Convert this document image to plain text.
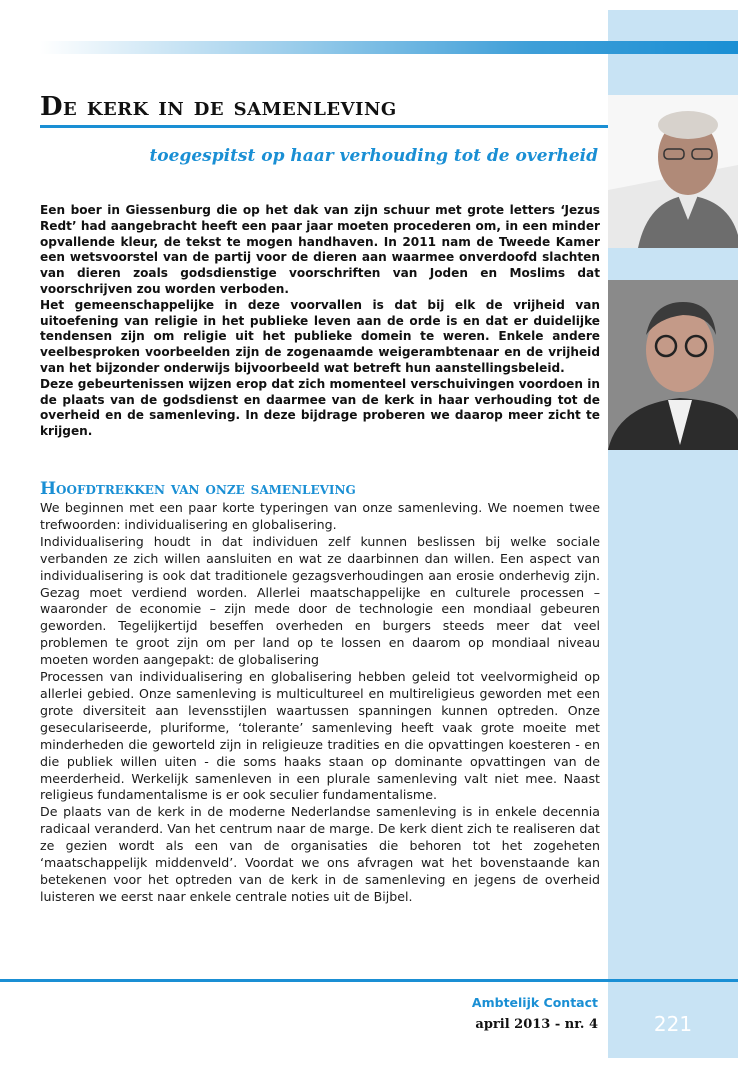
De kerk in de samenleving
toegespitst op haar verhouding tot de overheid

Een boer in Giessenburg die op het dak van zijn schuur met grote letters ‘Jezus Redt’ had aangebracht heeft een paar jaar moeten procederen om, in een minder opvallende kleur, de tekst te mogen handhaven. In 2011 nam de Tweede Kamer een wetsvoorstel van de partij voor de dieren aan waarmee onverdoofd slachten van dieren zoals godsdienstige voorschriften van Joden en Moslims dat voorschrijven zou worden verboden.

Het gemeenschappelijke in deze voorvallen is dat bij elk de vrijheid van uitoefening van religie in het publieke leven aan de orde is en dat er duidelijke tendensen zijn om religie uit het publieke domein te weren. Enkele andere veelbesproken voorbeelden zijn de zogenaamde weigerambtenaar en de vrijheid van het bijzonder onderwijs bijvoorbeeld wat betreft hun aanstellingsbeleid.

Deze gebeurtenissen wijzen erop dat zich momenteel verschuivingen voordoen in de plaats van de godsdienst en daarmee van de kerk in haar verhouding tot de overheid en de samenleving. In deze bijdrage proberen we daarop meer zicht te krijgen.

Hoofdtrekken van onze samenleving

We beginnen met een paar korte typeringen van onze samenleving. We noemen twee trefwoorden: individualisering en globalisering.

Individualisering houdt in dat individuen zelf kunnen beslissen bij welke sociale verbanden ze zich willen aansluiten en wat ze daarbinnen dan willen. Een aspect van individualisering is ook dat traditionele gezagsverhoudingen aan erosie onderhevig zijn. Gezag moet verdiend worden. Allerlei maatschappelijke en culturele processen – waaronder de economie – zijn mede door de technologie een mondiaal gebeuren geworden. Tegelijkertijd beseffen overheden en burgers steeds meer dat veel problemen te groot zijn om per land op te lossen en daarom op mondiaal niveau moeten worden aangepakt: de globalisering

Processen van individualisering en globalisering hebben geleid tot veelvormigheid op allerlei gebied. Onze samenleving is multicultureel en multireligieus geworden met een grote diversiteit aan levensstijlen waartussen spanningen kunnen optreden. Onze geseculariseerde, pluriforme, ‘tolerante’ samenleving heeft vaak grote moeite met minderheden die geworteld zijn in religieuze tradities en die opvattingen koesteren - en die publiek willen uiten - die soms haaks staan op dominante opvattingen van de meerderheid. Werkelijk samenleven in een plurale samenleving valt niet mee. Naast religieus fundamentalisme is er ook seculier fundamentalisme.

De plaats van de kerk in de moderne Nederlandse samenleving is in enkele decennia radicaal veranderd. Van het centrum naar de marge. De kerk dient zich te realiseren dat ze gezien wordt als een van de organisaties die behoren tot het zogeheten ‘maatschappelijk middenveld’. Voordat we ons afvragen wat het bovenstaande kan betekenen voor het optreden van de kerk in de samenleving en jegens de overheid luisteren we eerst naar enkele centrale noties uit de Bijbel.

Ambtelijk Contact
april 2013 - nr. 4	221
